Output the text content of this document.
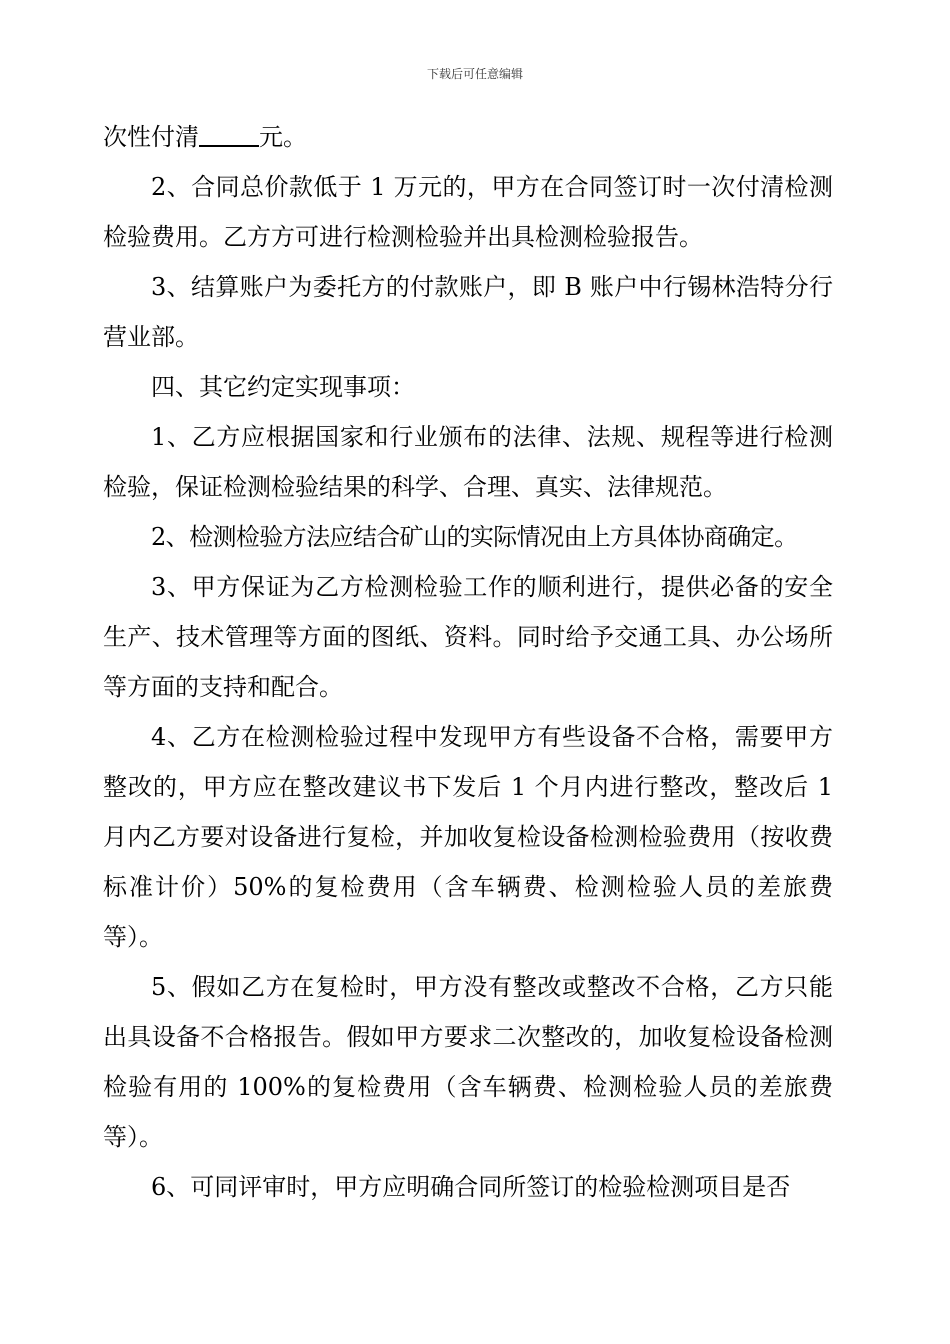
下载后可任意编辑

次性付清	元。

2、合同总价款低于 1 万元的，甲方在合同签订时一次付清检测检验费用。乙方方可进行检测检验并出具检测检验报告。

3、结算账户为委托方的付款账户，即 B 账户中行锡林浩特分行营业部。

四、其它约定实现事项：

1、乙方应根据国家和行业颁布的法律、法规、规程等进行检测检验，保证检测检验结果的科学、合理、真实、法律规范。

2、检测检验方法应结合矿山的实际情况由上方具体协商确定。

3、甲方保证为乙方检测检验工作的顺利进行，提供必备的安全生产、技术管理等方面的图纸、资料。同时给予交通工具、办公场所等方面的支持和配合。

4、乙方在检测检验过程中发现甲方有些设备不合格，需要甲方整改的，甲方应在整改建议书下发后 1 个月内进行整改，整改后 1 月内乙方要对设备进行复检，并加收复检设备检测检验费用（按收费标准计价）50%的复检费用（含车辆费、检测检验人员的差旅费等）。

5、假如乙方在复检时，甲方没有整改或整改不合格，乙方只能出具设备不合格报告。假如甲方要求二次整改的，加收复检设备检测检验有用的 100%的复检费用（含车辆费、检测检验人员的差旅费等）。

6、可同评审时，甲方应明确合同所签订的检验检测项目是否
